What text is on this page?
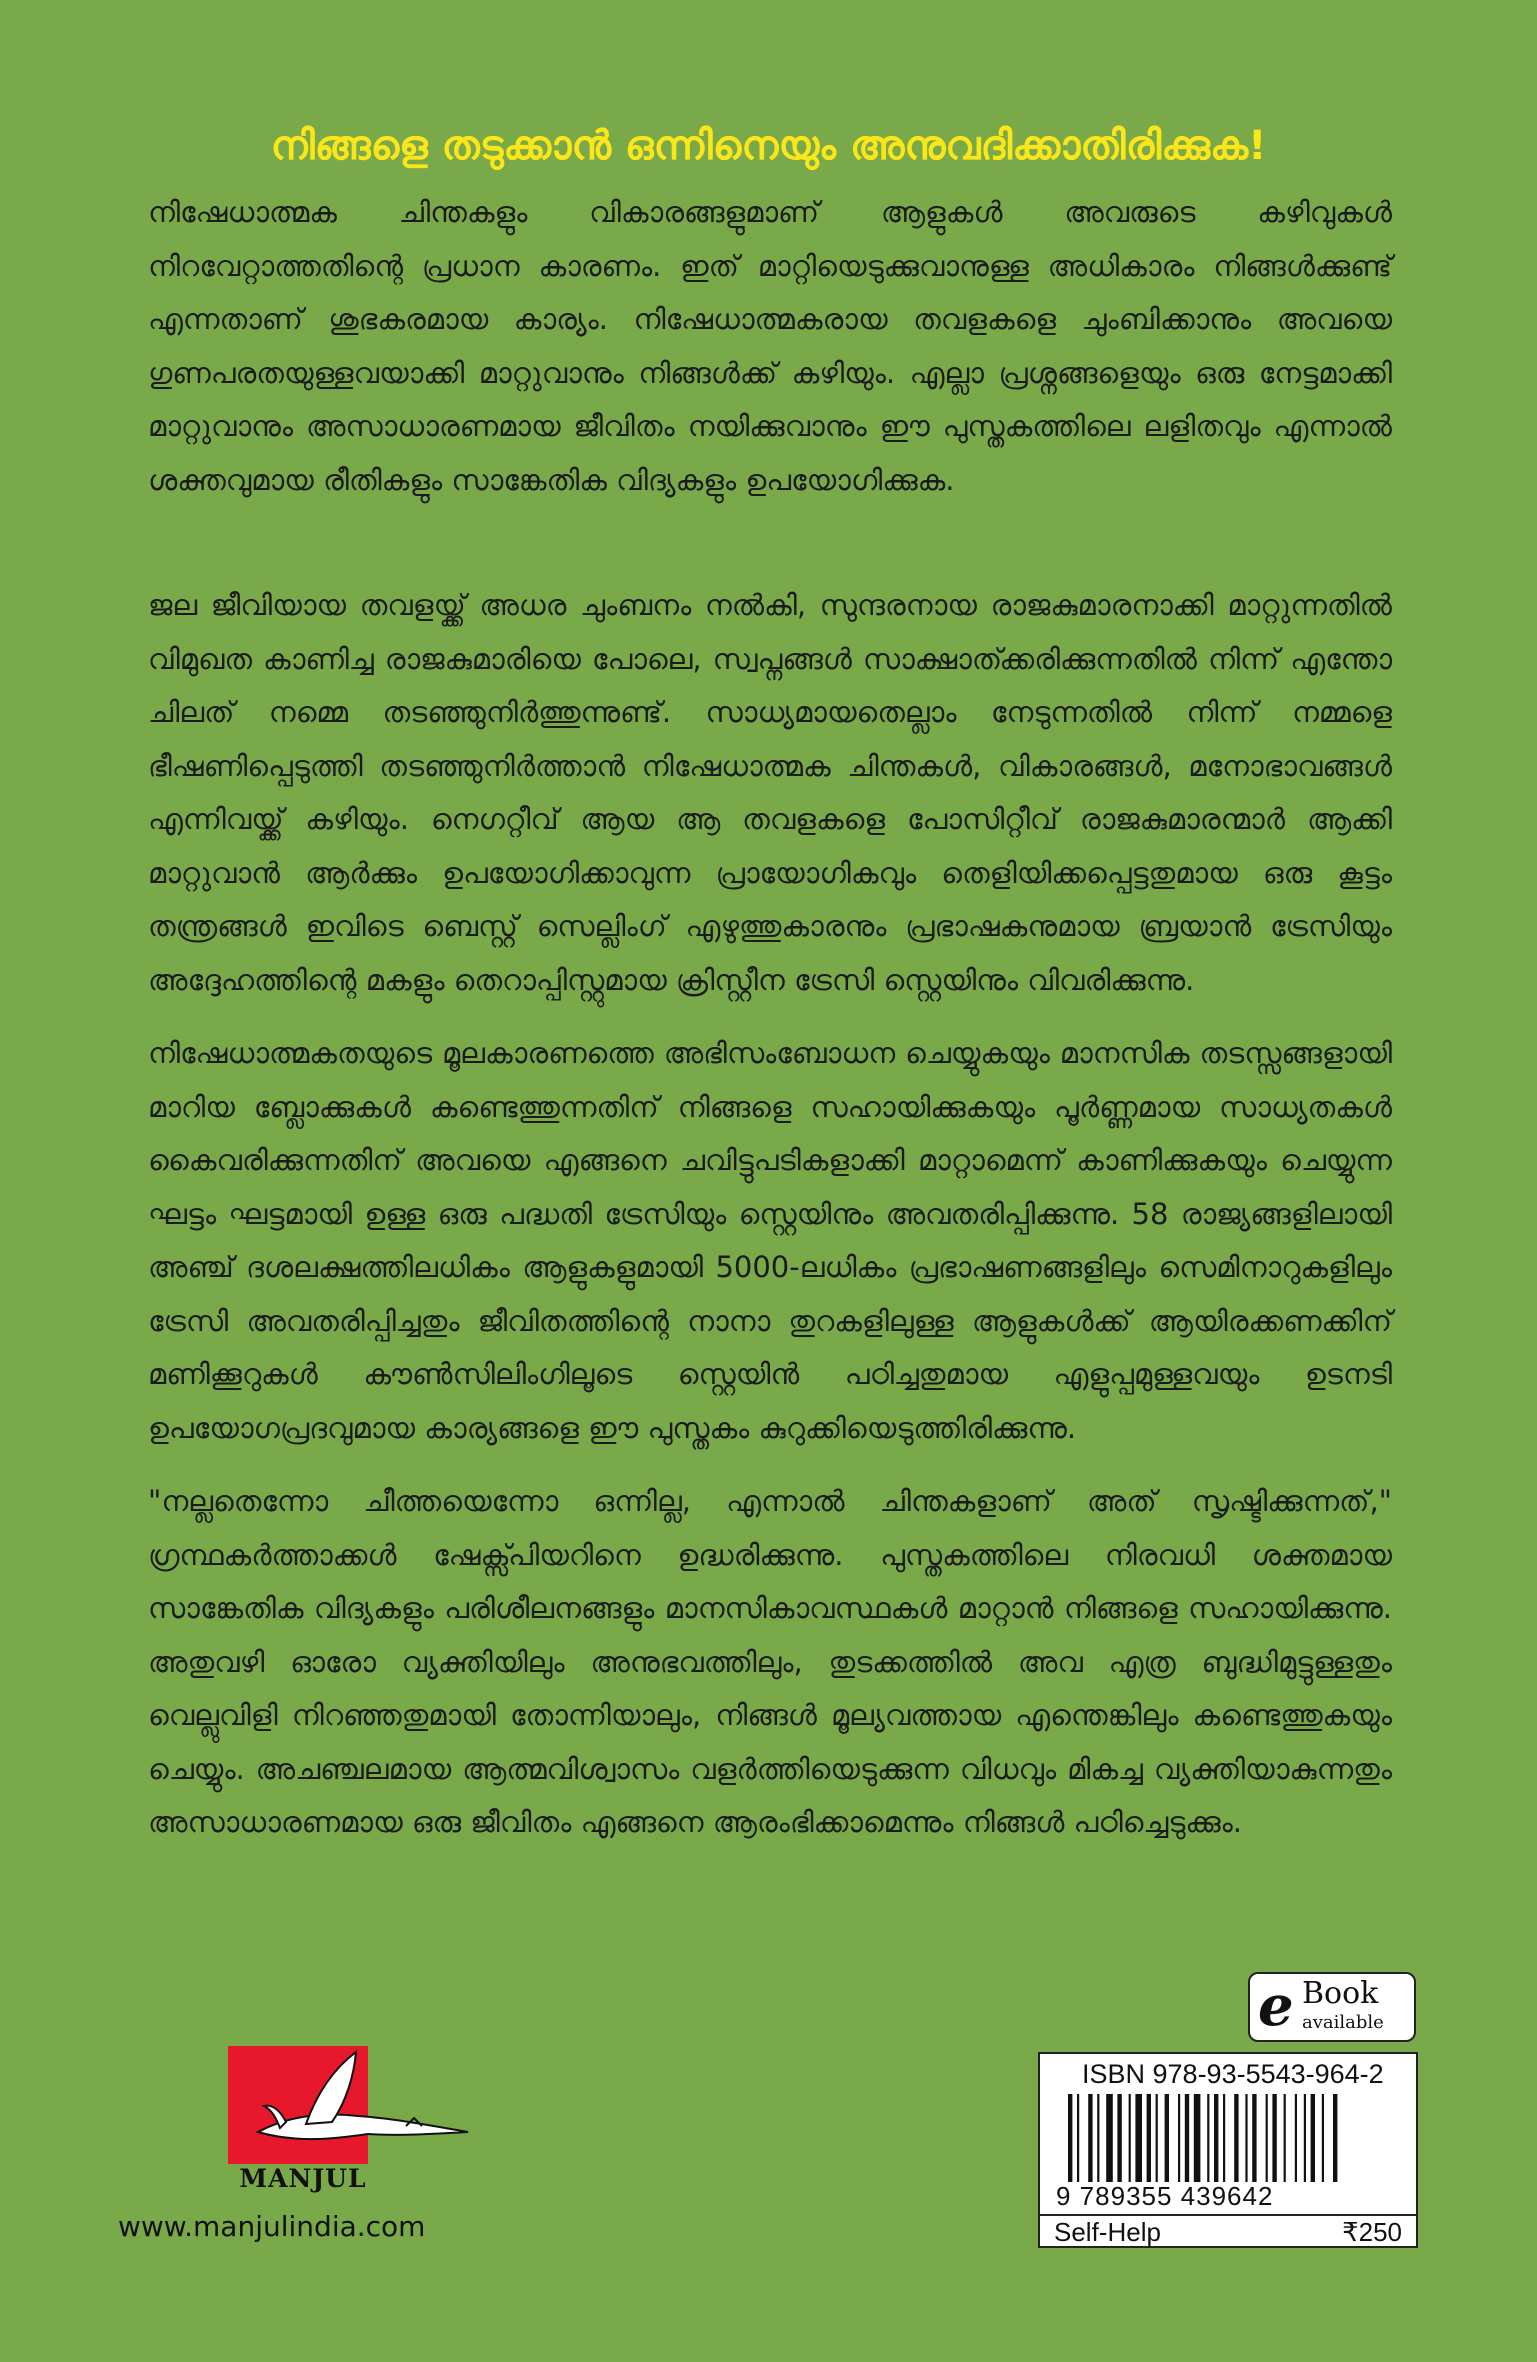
നിങ്ങളെ തടുക്കാൻ ഒന്നിനെയും അനുവദിക്കാതിരിക്കുക!

നിഷേധാത്മക ചിന്തകളും വികാരങ്ങളുമാണ് ആളുകൾ അവരുടെ കഴിവുകൾ നിറവേറ്റാത്തതിന്റെ പ്രധാന കാരണം. ഇത് മാറ്റിയെടുക്കുവാനുള്ള അധികാരം നിങ്ങൾക്കുണ്ട് എന്നതാണ് ശുഭകരമായ കാര്യം. നിഷേധാത്മകരായ തവളകളെ ചുംബിക്കാനും അവയെ ഗുണപരതയുള്ളവയാക്കി മാറ്റുവാനും നിങ്ങൾക്ക് കഴിയും. എല്ലാ പ്രശ്നങ്ങളെയും ഒരു നേട്ടമാക്കി മാറ്റുവാനും അസാധാരണമായ ജീവിതം നയിക്കുവാനും ഈ പുസ്തകത്തിലെ ലളിതവും എന്നാൽ ശക്തവുമായ രീതികളും സാങ്കേതിക വിദ്യകളും ഉപയോഗിക്കുക.

ജല ജീവിയായ തവളയ്ക്ക് അധര ചുംബനം നൽകി, സുന്ദരനായ രാജകുമാരനാക്കി മാറ്റുന്നതിൽ വിമുഖത കാണിച്ച രാജകുമാരിയെ പോലെ, സ്വപ്നങ്ങൾ സാക്ഷാത്ക്കരിക്കുന്നതിൽ നിന്ന് എന്തോ ചിലത് നമ്മെ തടഞ്ഞുനിർത്തുന്നുണ്ട്. സാധ്യമായതെല്ലാം നേടുന്നതിൽ നിന്ന് നമ്മളെ ഭീഷണിപ്പെടുത്തി തടഞ്ഞുനിർത്താൻ നിഷേധാത്മക ചിന്തകൾ, വികാരങ്ങൾ, മനോഭാവങ്ങൾ എന്നിവയ്ക്ക് കഴിയും. നെഗറ്റീവ് ആയ ആ തവളകളെ പോസിറ്റീവ് രാജകുമാരന്മാർ ആക്കി മാറ്റുവാൻ ആർക്കും ഉപയോഗിക്കാവുന്ന പ്രായോഗികവും തെളിയിക്കപ്പെട്ടതുമായ ഒരു കൂട്ടം തന്ത്രങ്ങൾ ഇവിടെ ബെസ്റ്റ് സെല്ലിംഗ് എഴുത്തുകാരനും പ്രഭാഷകനുമായ ബ്രയാൻ ട്രേസിയും അദ്ദേഹത്തിന്റെ മകളും തെറാപ്പിസ്റ്റുമായ ക്രിസ്റ്റീന ട്രേസി സ്റ്റെയിനും വിവരിക്കുന്നു.

നിഷേധാത്മകതയുടെ മൂലകാരണത്തെ അഭിസംബോധന ചെയ്യുകയും മാനസിക തടസ്സങ്ങളായി മാറിയ ബ്ലോക്കുകൾ കണ്ടെത്തുന്നതിന് നിങ്ങളെ സഹായിക്കുകയും പൂർണ്ണമായ സാധ്യതകൾ കൈവരിക്കുന്നതിന് അവയെ എങ്ങനെ ചവിട്ടുപടികളാക്കി മാറ്റാമെന്ന് കാണിക്കുകയും ചെയ്യുന്ന ഘട്ടം ഘട്ടമായി ഉള്ള ഒരു പദ്ധതി ട്രേസിയും സ്റ്റെയിനും അവതരിപ്പിക്കുന്നു. 58 രാജ്യങ്ങളിലായി അഞ്ച് ദശലക്ഷത്തിലധികം ആളുകളുമായി 5000-ലധികം പ്രഭാഷണങ്ങളിലും സെമിനാറുകളിലും ട്രേസി അവതരിപ്പിച്ചതും ജീവിതത്തിന്റെ നാനാ തുറകളിലുള്ള ആളുകൾക്ക് ആയിരക്കണക്കിന് മണിക്കൂറുകൾ കൗൺസിലിംഗിലൂടെ സ്റ്റെയിൻ പഠിച്ചതുമായ എളുപ്പമുള്ളവയും ഉടനടി ഉപയോഗപ്രദവുമായ കാര്യങ്ങളെ ഈ പുസ്തകം കുറുക്കിയെടുത്തിരിക്കുന്നു.

"നല്ലതെന്നോ ചീത്തയെന്നോ ഒന്നില്ല, എന്നാൽ ചിന്തകളാണ് അത് സൃഷ്ടിക്കുന്നത്," ഗ്രന്ഥകർത്താക്കൾ ഷേക്സ്പിയറിനെ ഉദ്ധരിക്കുന്നു. പുസ്തകത്തിലെ നിരവധി ശക്തമായ സാങ്കേതിക വിദ്യകളും പരിശീലനങ്ങളും മാനസികാവസ്ഥകൾ മാറ്റാൻ നിങ്ങളെ സഹായിക്കുന്നു. അതുവഴി ഓരോ വ്യക്തിയിലും അനുഭവത്തിലും, തുടക്കത്തിൽ അവ എത്ര ബുദ്ധിമുട്ടുള്ളതും വെല്ലുവിളി നിറഞ്ഞതുമായി തോന്നിയാലും, നിങ്ങൾ മൂല്യവത്തായ എന്തെങ്കിലും കണ്ടെത്തുകയും ചെയ്യും. അചഞ്ചലമായ ആത്മവിശ്വാസം വളർത്തിയെടുക്കുന്ന വിധവും മികച്ച വ്യക്തിയാകുന്നതും അസാധാരണമായ ഒരു ജീവിതം എങ്ങനെ ആരംഭിക്കാമെന്നും നിങ്ങൾ പഠിച്ചെടുക്കും.

MANJUL
www.manjulindia.com
e Book
available
ISBN 978-93-5543-964-2
9 789355 439642
Self-Help	₹250
